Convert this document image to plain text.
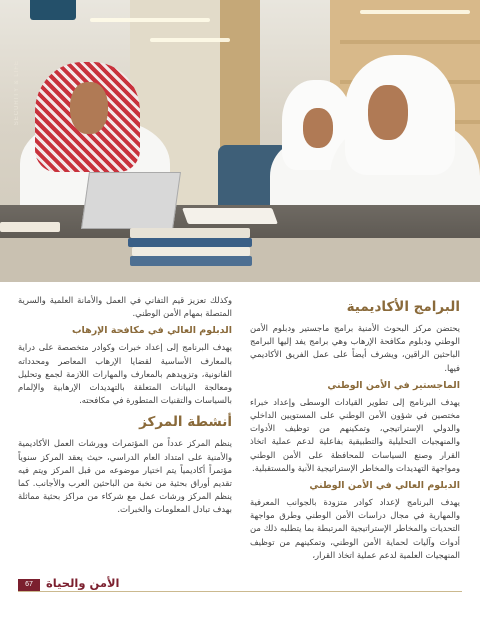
SECURITY & LIFE
البرامج الأكاديمية

يحتضن مركز البحوث الأمنية برامج ماجستير ودبلوم الأمن الوطني ودبلوم مكافحة الإرهاب وهي برامج يفد إليها البرامج الباحثين الراقين، ويشرف أيضاً على عمل الفريق الأكاديمي فيها.

الماجستير في الأمن الوطني

يهدف البرنامج إلى تطوير القيادات الوسطى وإعداد خبراء مختصين في شؤون الأمن الوطني على المستويين الداخلي والدولي الإستراتيجي، وتمكينهم من توظيف الأدوات والمنهجيات التحليلية والتطبيقية بفاعلية لدعم عملية اتخاذ القرار وصنع السياسات للمحافظة على الأمن الوطني ومواجهة التهديدات والمخاطر الإستراتيجية الآنية والمستقبلية.

الدبلوم العالي في الأمن الوطني

يهدف البرنامج لإعداد كوادر متزودة بالجوانب المعرفية والمهارية في مجال دراسات الأمن الوطني وطرق مواجهة التحديات والمخاطر الإستراتيجية المرتبطة بما يتطلبه ذلك من أدوات وآليات لحماية الأمن الوطني، وتمكينهم من توظيف المنهجيات العلمية لدعم عملية اتخاذ القرار،

وكذلك تعزيز قيم التفاني في العمل والأمانة العلمية والسرية المتصلة بمهام الأمن الوطني.

الدبلوم العالي في مكافحة الإرهاب

يهدف البرنامج إلى إعداد خبرات وكوادر متخصصة على دراية بالمعارف الأساسية لقضايا الإرهاب المعاصر ومحدداته القانونية، وتزويدهم بالمعارف والمهارات اللازمة لجمع وتحليل ومعالجة البيانات المتعلقة بالتهديدات الإرهابية والإلمام بالسياسات والتقنيات المتطورة في مكافحته.

أنشطة المركز

ينظم المركز عدداً من المؤتمرات وورشات العمل الأكاديمية والأمنية على امتداد العام الدراسي، حيث يعقد المركز سنوياً مؤتمراً أكاديمياً يتم اختيار موضوعه من قبل المركز ويتم فيه تقديم أوراق بحثية من نخبة من الباحثين العرب والأجانب. كما ينظم المركز ورشات عمل مع شركاء من مراكز بحثية مماثلة بهدف تبادل المعلومات والخبرات.

67	الأمن والحياة
